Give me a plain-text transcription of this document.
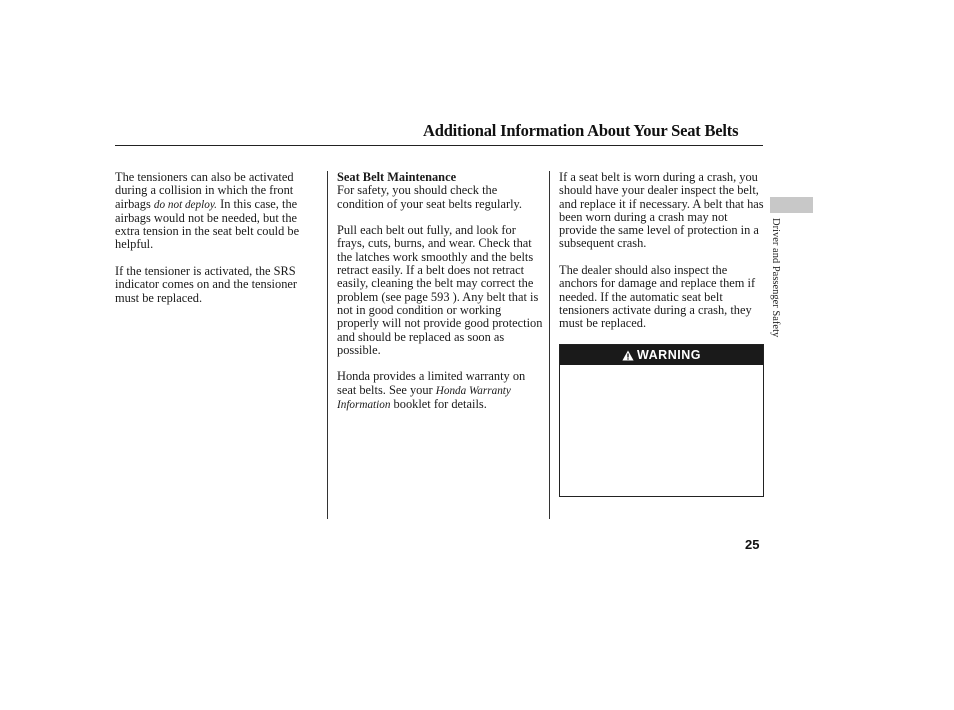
Additional Information About Your Seat Belts

The tensioners can also be activated during a collision in which the front airbags do not deploy. In this case, the airbags would not be needed, but the extra tension in the seat belt could be helpful.

If the tensioner is activated, the SRS indicator comes on and the tensioner must be replaced.

Seat Belt Maintenance
For safety, you should check the condition of your seat belts regularly.

Pull each belt out fully, and look for frays, cuts, burns, and wear. Check that the latches work smoothly and the belts retract easily. If a belt does not retract easily, cleaning the belt may correct the problem (see page 593 ). Any belt that is not in good condition or working properly will not provide good protection and should be replaced as soon as possible.

Honda provides a limited warranty on seat belts. See your Honda Warranty Information booklet for details.

If a seat belt is worn during a crash, you should have your dealer inspect the belt, and replace it if necessary. A belt that has been worn during a crash may not provide the same level of protection in a subsequent crash.

The dealer should also inspect the anchors for damage and replace them if needed. If the automatic seat belt tensioners activate during a crash, they must be replaced.

WARNING
Driver and Passenger Safety
25
